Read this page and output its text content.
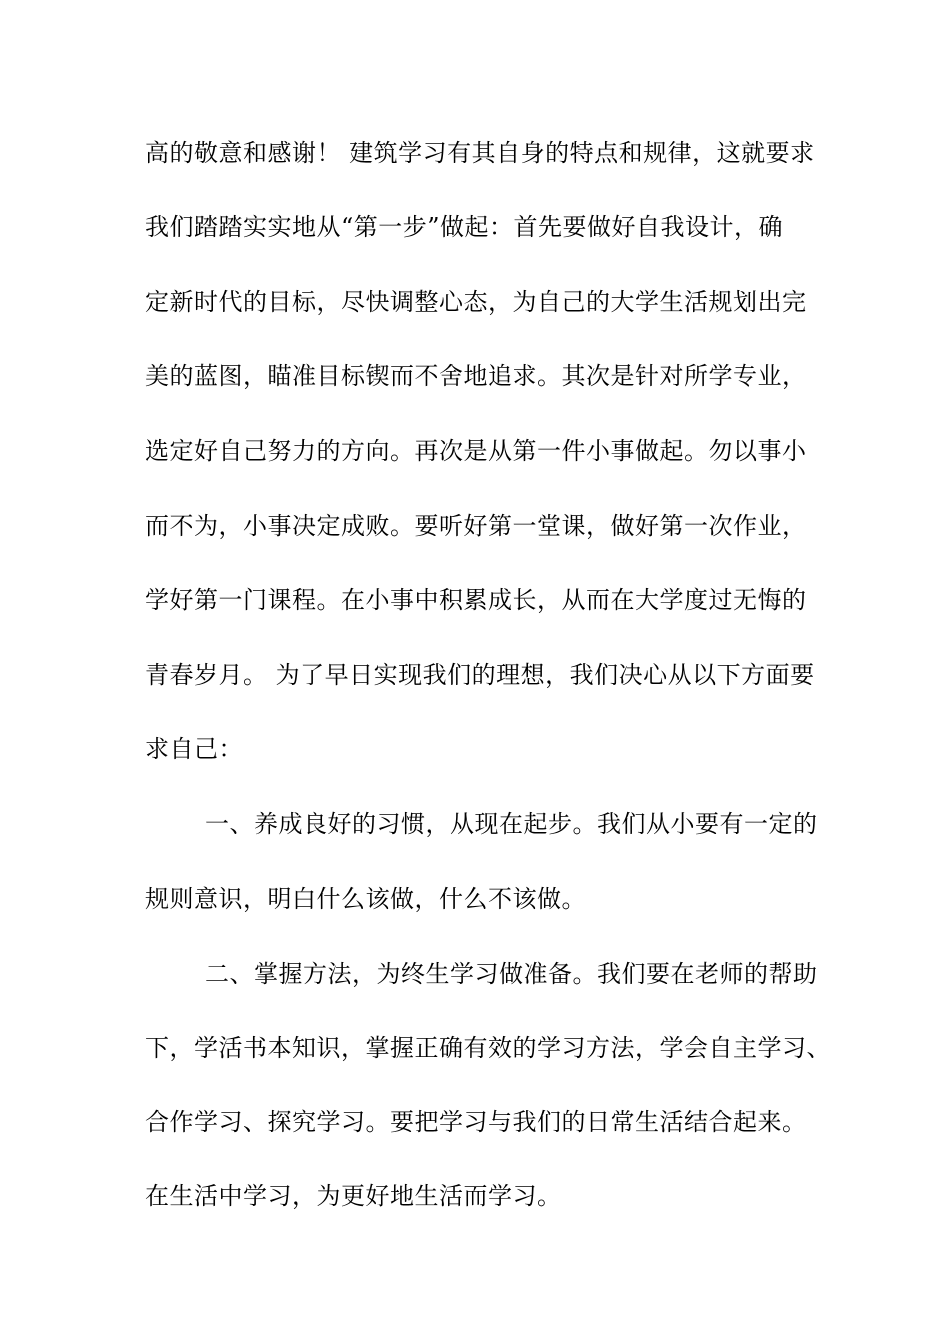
高的敬意和感谢！ 建筑学习有其自身的特点和规律，这就要求
我们踏踏实实地从“第一步”做起：首先要做好自我设计，确
定新时代的目标，尽快调整心态，为自己的大学生活规划出完
美的蓝图，瞄准目标锲而不舍地追求。其次是针对所学专业，
选定好自己努力的方向。再次是从第一件小事做起。勿以事小
而不为，小事决定成败。要听好第一堂课，做好第一次作业，
学好第一门课程。在小事中积累成长，从而在大学度过无悔的
青春岁月。 为了早日实现我们的理想，我们决心从以下方面要
求自己：
一、养成良好的习惯，从现在起步。我们从小要有一定的
规则意识，明白什么该做，什么不该做。
二、掌握方法，为终生学习做准备。我们要在老师的帮助
下，学活书本知识，掌握正确有效的学习方法，学会自主学习、
合作学习、探究学习。要把学习与我们的日常生活结合起来。
在生活中学习，为更好地生活而学习。
